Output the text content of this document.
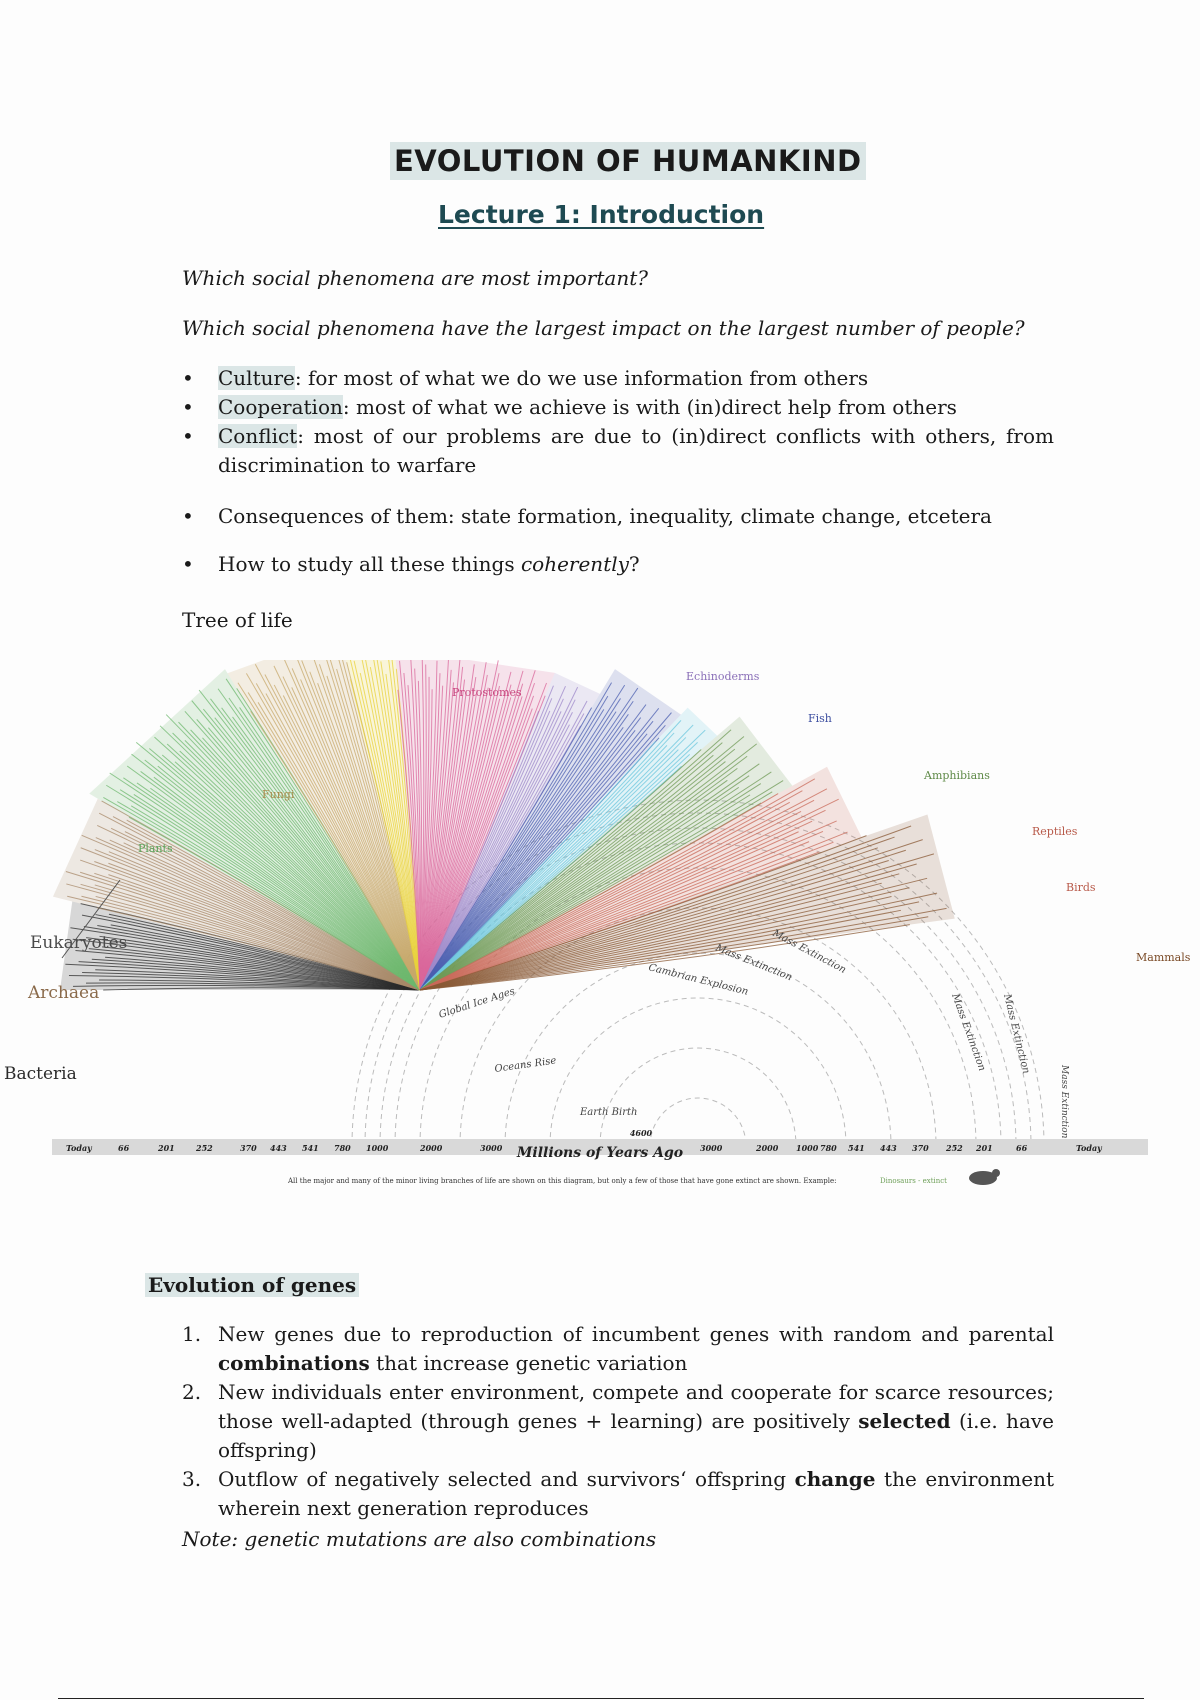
EVOLUTION OF HUMANKIND
Lecture 1: Introduction
Which social phenomena are most important?
Which social phenomena have the largest impact on the largest number of people?
• Culture: for most of what we do we use information from others
• Cooperation: most of what we achieve is with (in)direct help from others
• Conflict: most of our problems are due to (in)direct conflicts with others, from discrimination to warfare
• Consequences of them: state formation, inequality, climate change, etcetera
• How to study all these things coherently?
Tree of life
Eukaryotes
Archaea
Bacteria
Plants
Fungi
Protostomes
Echinoderms
Fish
Amphibians
Reptiles
Birds
Mammals
Mass Extinction
Mass Extinction
Cambrian Explosion
Mass Extinction Mass Extinction
Mass Extinction
Global Ice Ages
Oceans Rise
Earth Birth
4600
Millions of Years Ago
Today	66	201	252	370 443 541 780 1000	2000	3000	3000	2000 1000 780 541 443 370 252 201	66	Today
All the major and many of the minor living branches of life are shown on this diagram, but only a few of those that have gone extinct are shown. Example:	Dinosaurs - extinct
Evolution of genes
1. New genes due to reproduction of incumbent genes with random and parental combinations that increase genetic variation
2. New individuals enter environment, compete and cooperate for scarce resources; those well-adapted (through genes + learning) are positively selected (i.e. have offspring)
3. Outflow of negatively selected and survivors‘ offspring change the environment wherein next generation reproduces
Note: genetic mutations are also combinations
